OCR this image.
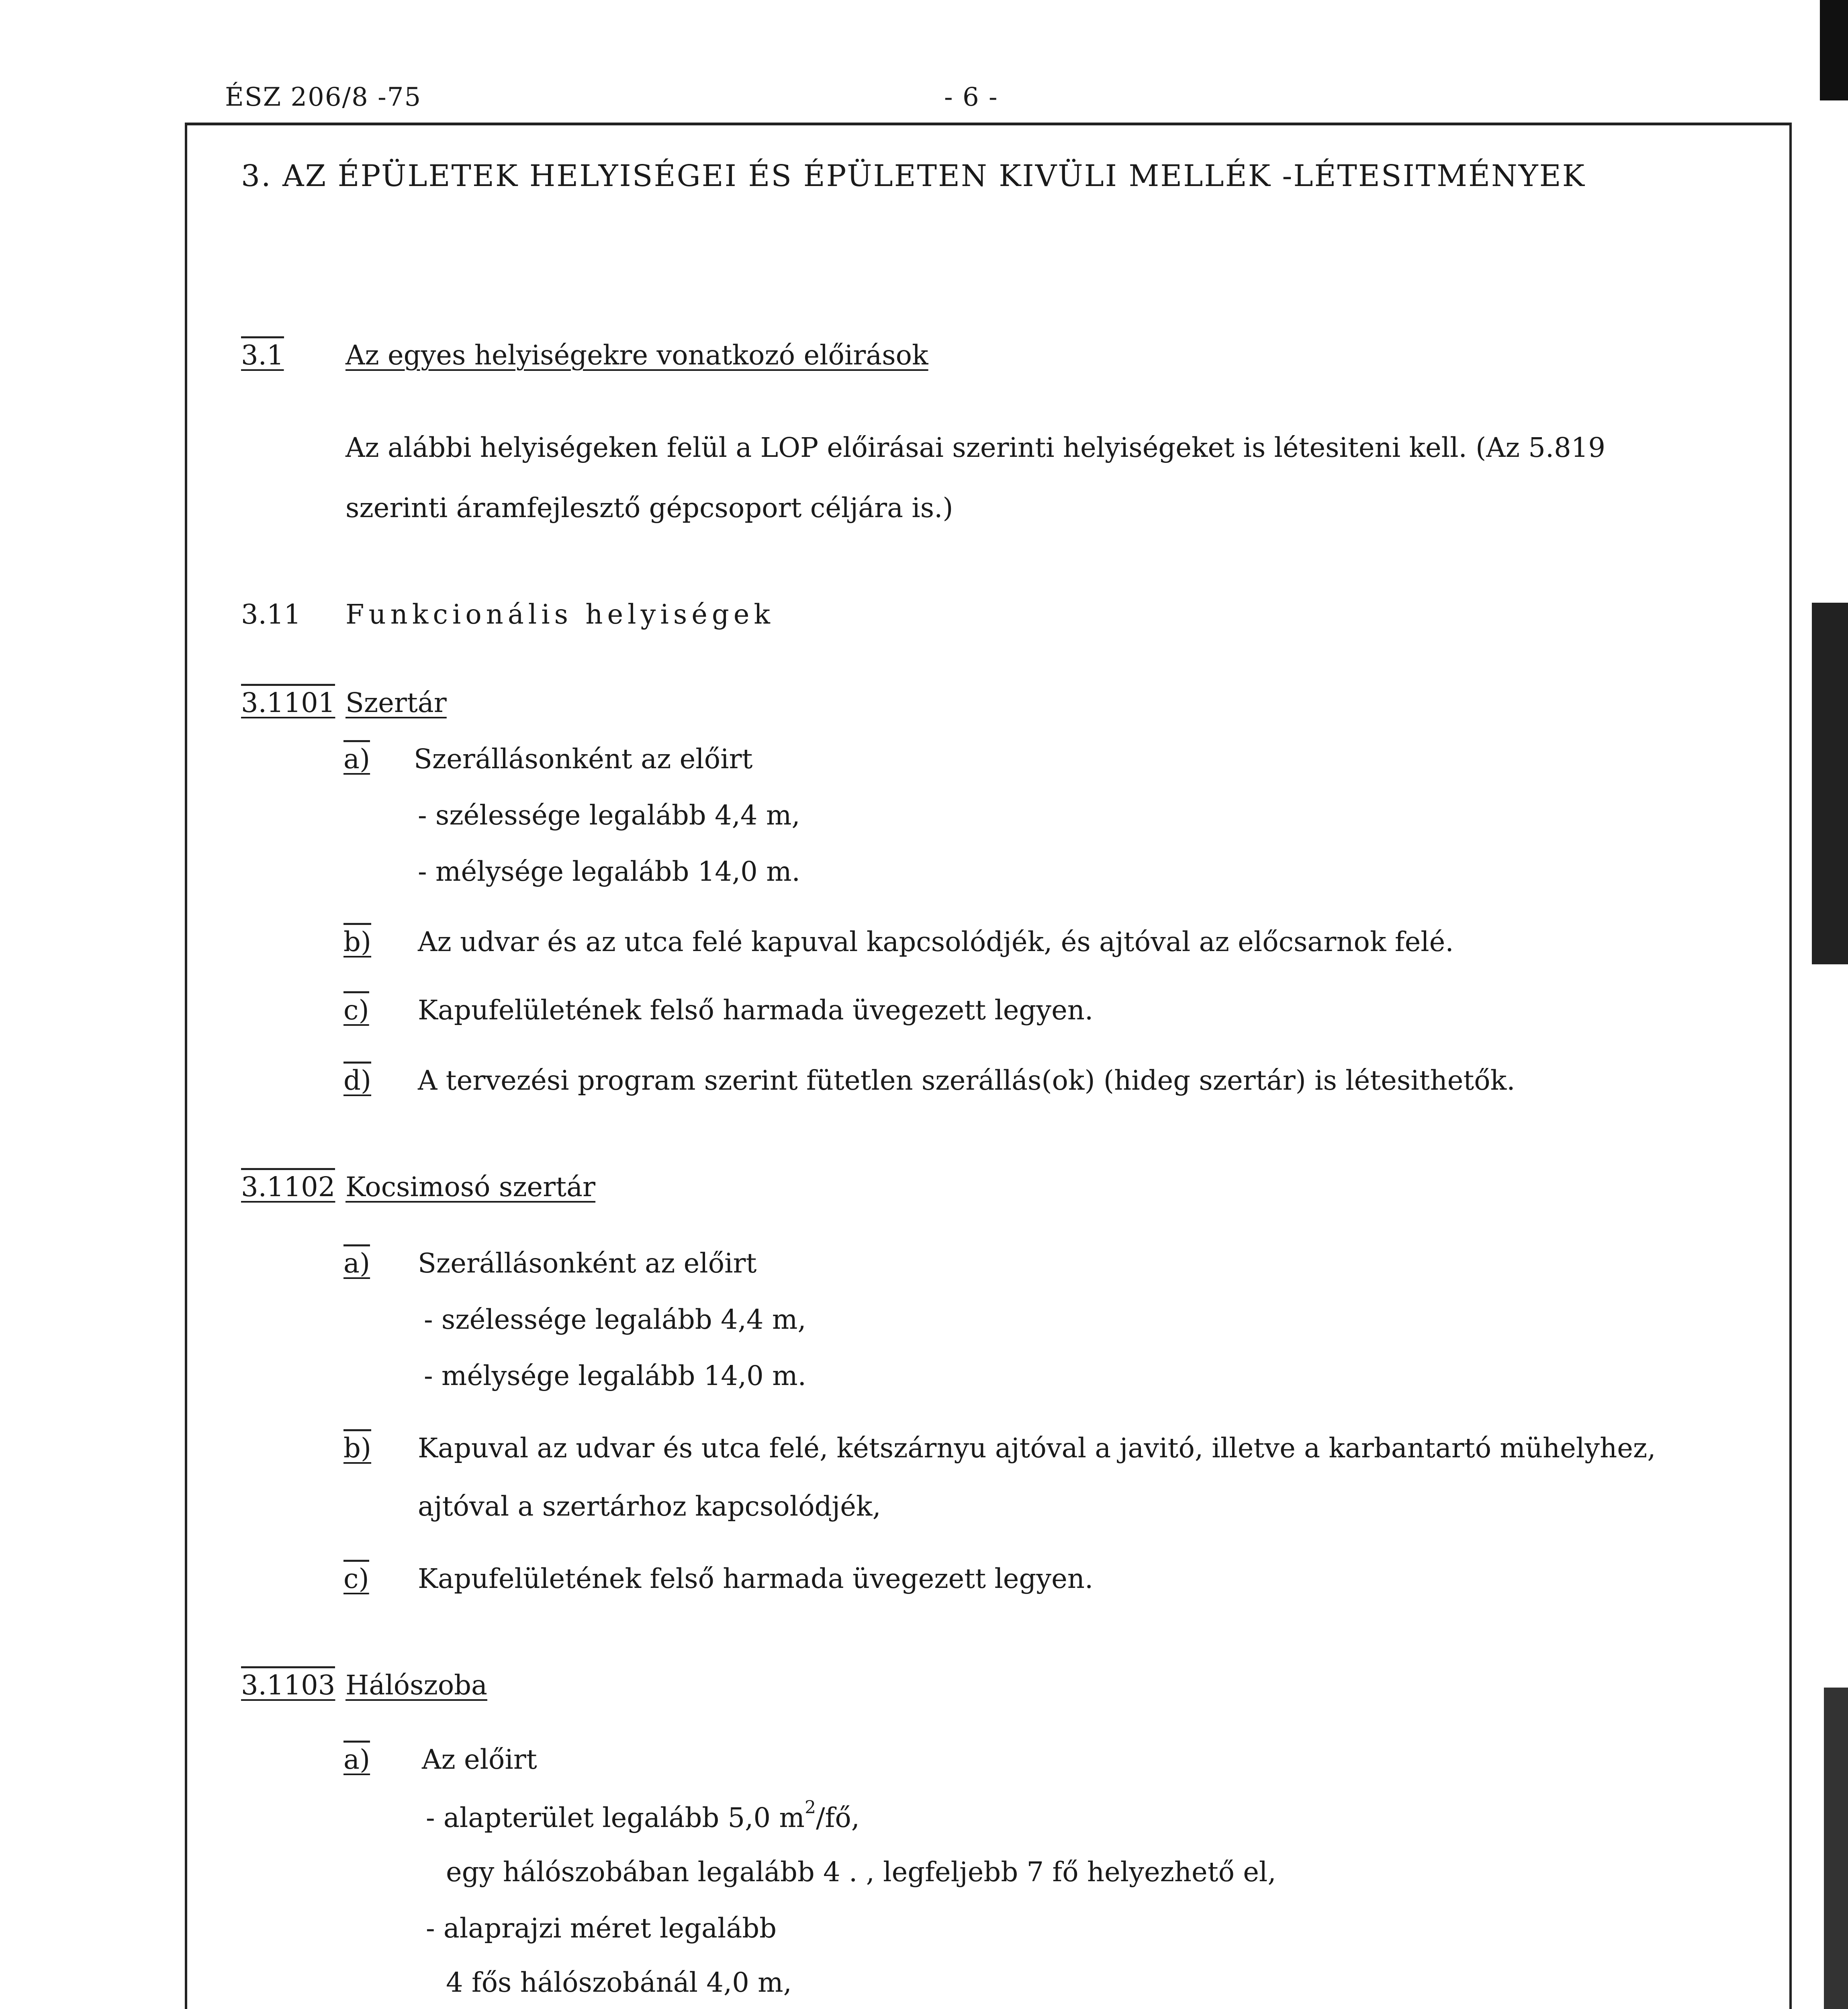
ÉSZ 206/8 -75	- 6 -
3. AZ ÉPÜLETEK HELYISÉGEI ÉS ÉPÜLETEN KIVÜLI MELLÉK -LÉTESITMÉNYEK
3.1 Az egyes helyiségekre vonatkozó előirások
Az alábbi helyiségeken felül a LOP előirásai szerinti helyiségeket is létesiteni kell. (Az 5.819
szerinti áramfejlesztő gépcsoport céljára is.)
3.11 Funkcionális helyiségek
3.1101 Szertár
a) Szerállásonként az előirt
- szélessége legalább 4,4 m,
- mélysége legalább 14,0 m.
b) Az udvar és az utca felé kapuval kapcsolódjék, és ajtóval az előcsarnok felé.
c) Kapufelületének felső harmada üvegezett legyen.
d) A tervezési program szerint fütetlen szerállás(ok) (hideg szertár) is létesithetők.
3.1102 Kocsimosó szertár
a) Szerállásonként az előirt
- szélessége legalább 4,4 m,
- mélysége legalább 14,0 m.
b) Kapuval az udvar és utca felé, kétszárnyu ajtóval a javitó, illetve a karbantartó mühelyhez,
ajtóval a szertárhoz kapcsolódjék,
c) Kapufelületének felső harmada üvegezett legyen.
3.1103 Hálószoba
a) Az előirt
- alapterület legalább 5,0 $m^2/fő$,
egy hálószobában legalább 4 . , legfeljebb 7 fő helyezhető el,
- alaprajzi méret legalább
4 fős hálószobánál 4,0 m,
